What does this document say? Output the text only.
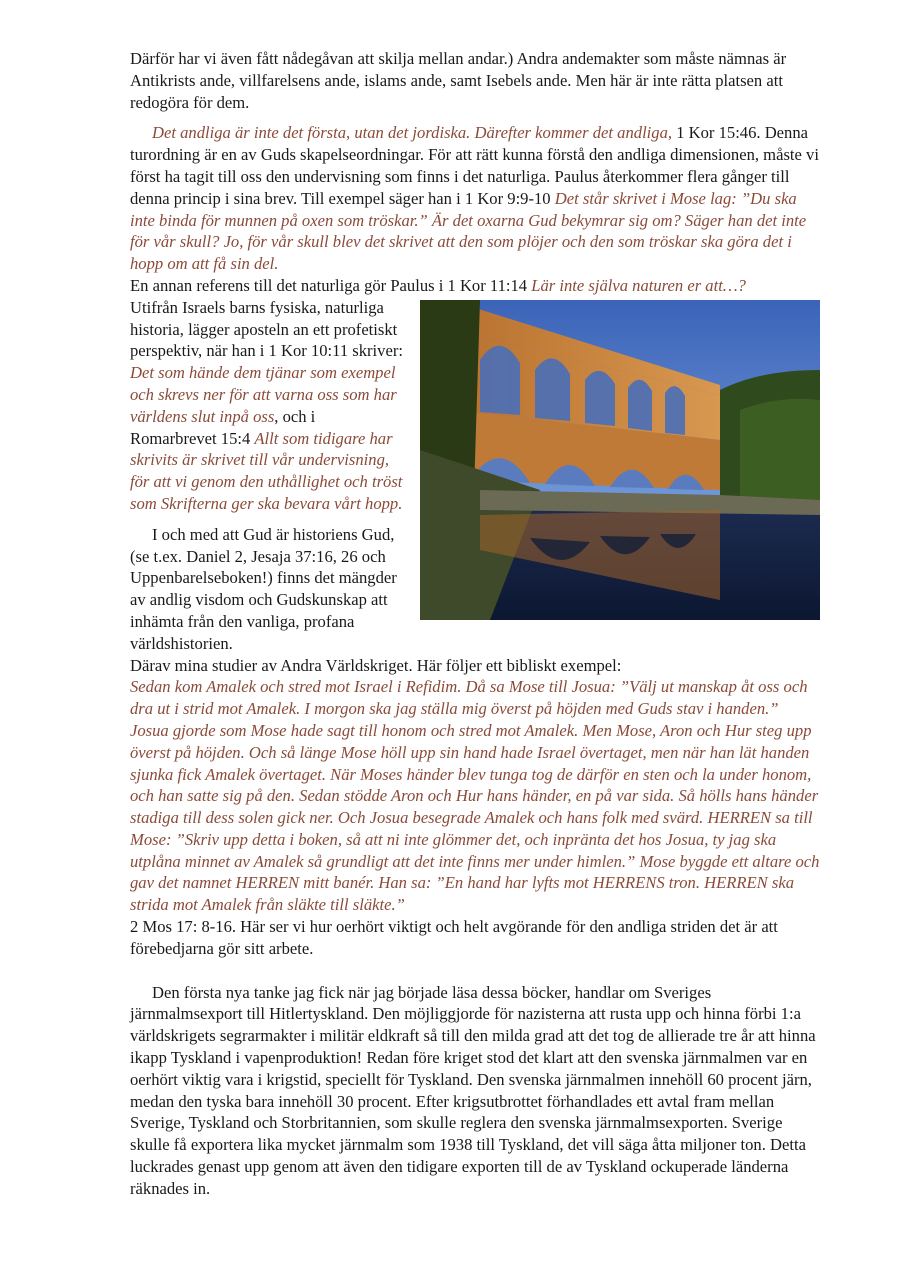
Därför har vi även fått nådegåvan att skilja mellan andar.) Andra andemakter som måste nämnas är Antikrists ande, villfarelsens ande, islams ande, samt Isebels ande. Men här är inte rätta platsen att redogöra för dem.

Det andliga är inte det första, utan det jordiska. Därefter kommer det andliga, 1 Kor 15:46. Denna turordning är en av Guds skapelseordningar. För att rätt kunna förstå den andliga dimensionen, måste vi först ha tagit till oss den undervisning som finns i det naturliga. Paulus återkommer flera gånger till denna princip i sina brev. Till exempel säger han i 1 Kor 9:9-10 Det står skrivet i Mose lag: ”Du ska inte binda för munnen på oxen som tröskar.” Är det oxarna Gud bekymrar sig om? Säger han det inte för vår skull? Jo, för vår skull blev det skrivet att den som plöjer och den som tröskar ska göra det i hopp om att få sin del.

En annan referens till det naturliga gör Paulus i 1 Kor 11:14 Lär inte själva naturen er att…?

Utifrån Israels barns fysiska, naturliga historia, lägger aposteln an ett profetiskt perspektiv, när han i 1 Kor 10:11 skriver: Det som hände dem tjänar som exempel och skrevs ner för att varna oss som har världens slut inpå oss, och i Romarbrevet 15:4 Allt som tidigare har skrivits är skrivet till vår undervisning, för att vi genom den uthållighet och tröst som Skrifterna ger ska bevara vårt hopp.

I och med att Gud är historiens Gud, (se t.ex. Daniel 2, Jesaja 37:16, 26 och Uppenbarelseboken!) finns det mängder av andlig visdom och Gudskunskap att inhämta från den vanliga, profana världshistorien.

Därav mina studier av Andra Världskriget. Här följer ett bibliskt exempel:

Sedan kom Amalek och stred mot Israel i Refidim. Då sa Mose till Josua: ”Välj ut manskap åt oss och dra ut i strid mot Amalek. I morgon ska jag ställa mig överst på höjden med Guds stav i handen.” Josua gjorde som Mose hade sagt till honom och stred mot Amalek. Men Mose, Aron och Hur steg upp överst på höjden. Och så länge Mose höll upp sin hand hade Israel övertaget, men när han lät handen sjunka fick Amalek övertaget. När Moses händer blev tunga tog de därför en sten och la under honom, och han satte sig på den. Sedan stödde Aron och Hur hans händer, en på var sida. Så hölls hans händer stadiga till dess solen gick ner. Och Josua besegrade Amalek och hans folk med svärd. HERREN sa till Mose: ”Skriv upp detta i boken, så att ni inte glömmer det, och inpränta det hos Josua, ty jag ska utplåna minnet av Amalek så grundligt att det inte finns mer under himlen.” Mose byggde ett altare och gav det namnet HERREN mitt banér. Han sa: ”En hand har lyfts mot HERRENS tron. HERREN ska strida mot Amalek från släkte till släkte.”

2 Mos 17: 8-16. Här ser vi hur oerhört viktigt och helt avgörande för den andliga striden det är att förebedjarna gör sitt arbete.

Den första nya tanke jag fick när jag började läsa dessa böcker, handlar om Sveriges järnmalmsexport till Hitlertyskland. Den möjliggjorde för nazisterna att rusta upp och hinna förbi 1:a världskrigets segrarmakter i militär eldkraft så till den milda grad att det tog de allierade tre år att hinna ikapp Tyskland i vapenproduktion! Redan före kriget stod det klart att den svenska järnmalmen var en oerhört viktig vara i krigstid, speciellt för Tyskland. Den svenska järnmalmen innehöll 60 procent järn, medan den tyska bara innehöll 30 procent. Efter krigsutbrottet förhandlades ett avtal fram mellan Sverige, Tyskland och Storbritannien, som skulle reglera den svenska järnmalmsexporten. Sverige skulle få exportera lika mycket järnmalm som 1938 till Tyskland, det vill säga åtta miljoner ton. Detta luckrades genast upp genom att även den tidigare exporten till de av Tyskland ockuperade länderna räknades in.
